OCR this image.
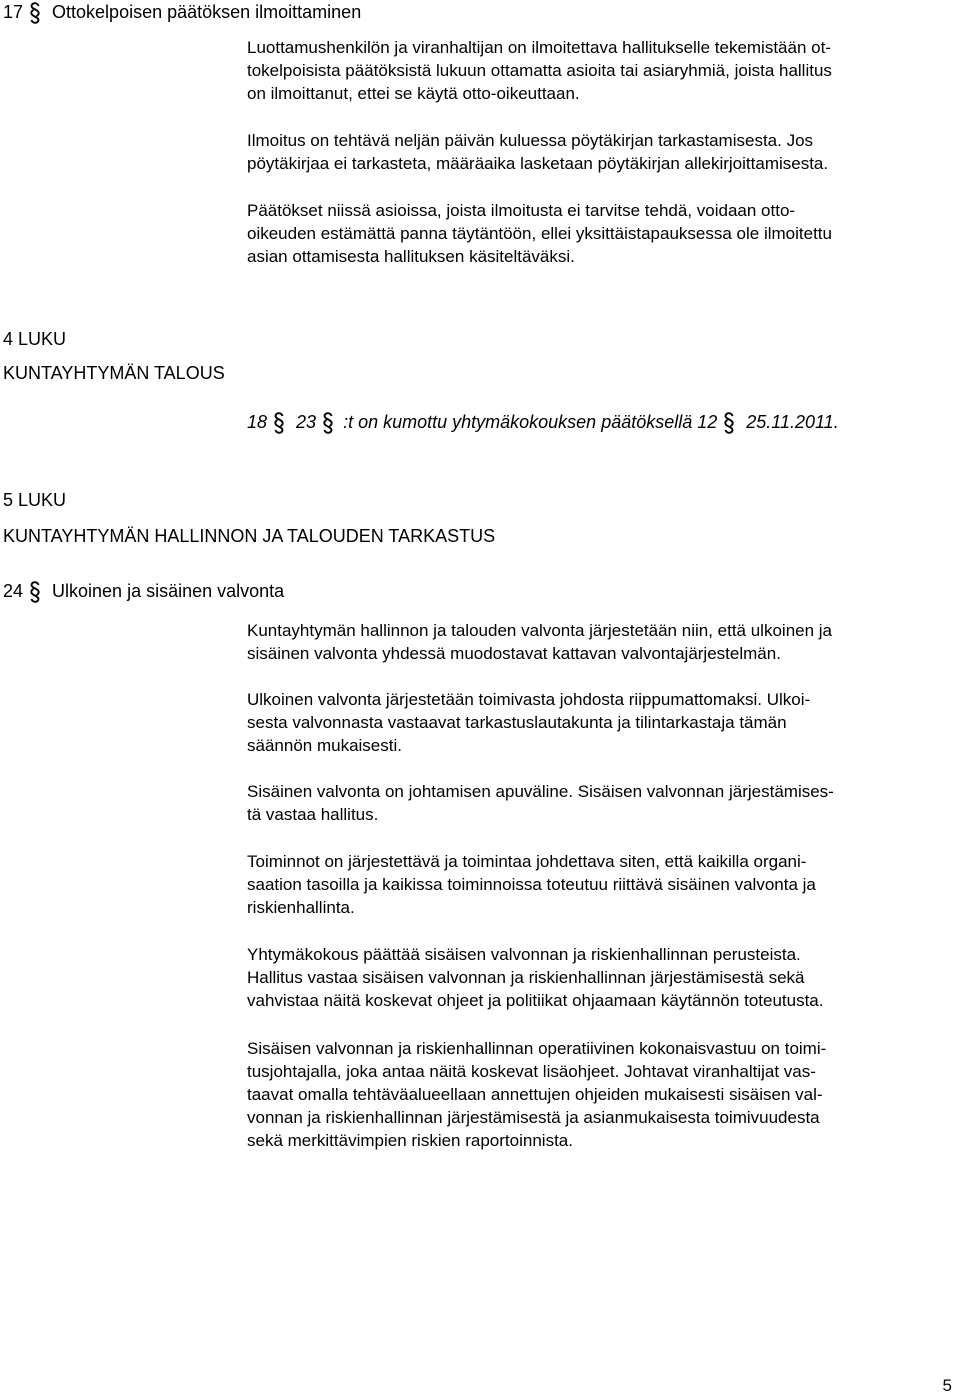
17 Ottokelpoisen päätöksen ilmoittaminen
Luottamushenkilön ja viranhaltijan on ilmoitettava hallitukselle tekemistään ot-
tokelpoisista päätöksistä lukuun ottamatta asioita tai asiaryhmiä, joista hallitus
on ilmoittanut, ettei se käytä otto-oikeuttaan.
Ilmoitus on tehtävä neljän päivän kuluessa pöytäkirjan tarkastamisesta. Jos
pöytäkirjaa ei tarkasteta, määräaika lasketaan pöytäkirjan allekirjoittamisesta.
Päätökset niissä asioissa, joista ilmoitusta ei tarvitse tehdä, voidaan otto-
oikeuden estämättä panna täytäntöön, ellei yksittäistapauksessa ole ilmoitettu
asian ottamisesta hallituksen käsiteltäväksi.
4 LUKU
KUNTAYHTYMÄN TALOUS
18 23 :t on kumottu yhtymäkokouksen päätöksellä 12 25.11.2011.
5 LUKU
KUNTAYHTYMÄN HALLINNON JA TALOUDEN TARKASTUS
24 Ulkoinen ja sisäinen valvonta
Kuntayhtymän hallinnon ja talouden valvonta järjestetään niin, että ulkoinen ja
sisäinen valvonta yhdessä muodostavat kattavan valvontajärjestelmän.
Ulkoinen valvonta järjestetään toimivasta johdosta riippumattomaksi. Ulkoi-
sesta valvonnasta vastaavat tarkastuslautakunta ja tilintarkastaja tämän
säännön mukaisesti.
Sisäinen valvonta on johtamisen apuväline. Sisäisen valvonnan järjestämises-
tä vastaa hallitus.
Toiminnot on järjestettävä ja toimintaa johdettava siten, että kaikilla organi-
saation tasoilla ja kaikissa toiminnoissa toteutuu riittävä sisäinen valvonta ja
riskienhallinta.
Yhtymäkokous päättää sisäisen valvonnan ja riskienhallinnan perusteista.
Hallitus vastaa sisäisen valvonnan ja riskienhallinnan järjestämisestä sekä
vahvistaa näitä koskevat ohjeet ja politiikat ohjaamaan käytännön toteutusta.
Sisäisen valvonnan ja riskienhallinnan operatiivinen kokonaisvastuu on toimi-
tusjohtajalla, joka antaa näitä koskevat lisäohjeet. Johtavat viranhaltijat vas-
taavat omalla tehtäväalueellaan annettujen ohjeiden mukaisesti sisäisen val-
vonnan ja riskienhallinnan järjestämisestä ja asianmukaisesta toimivuudesta
sekä merkittävimpien riskien raportoinnista.
5
